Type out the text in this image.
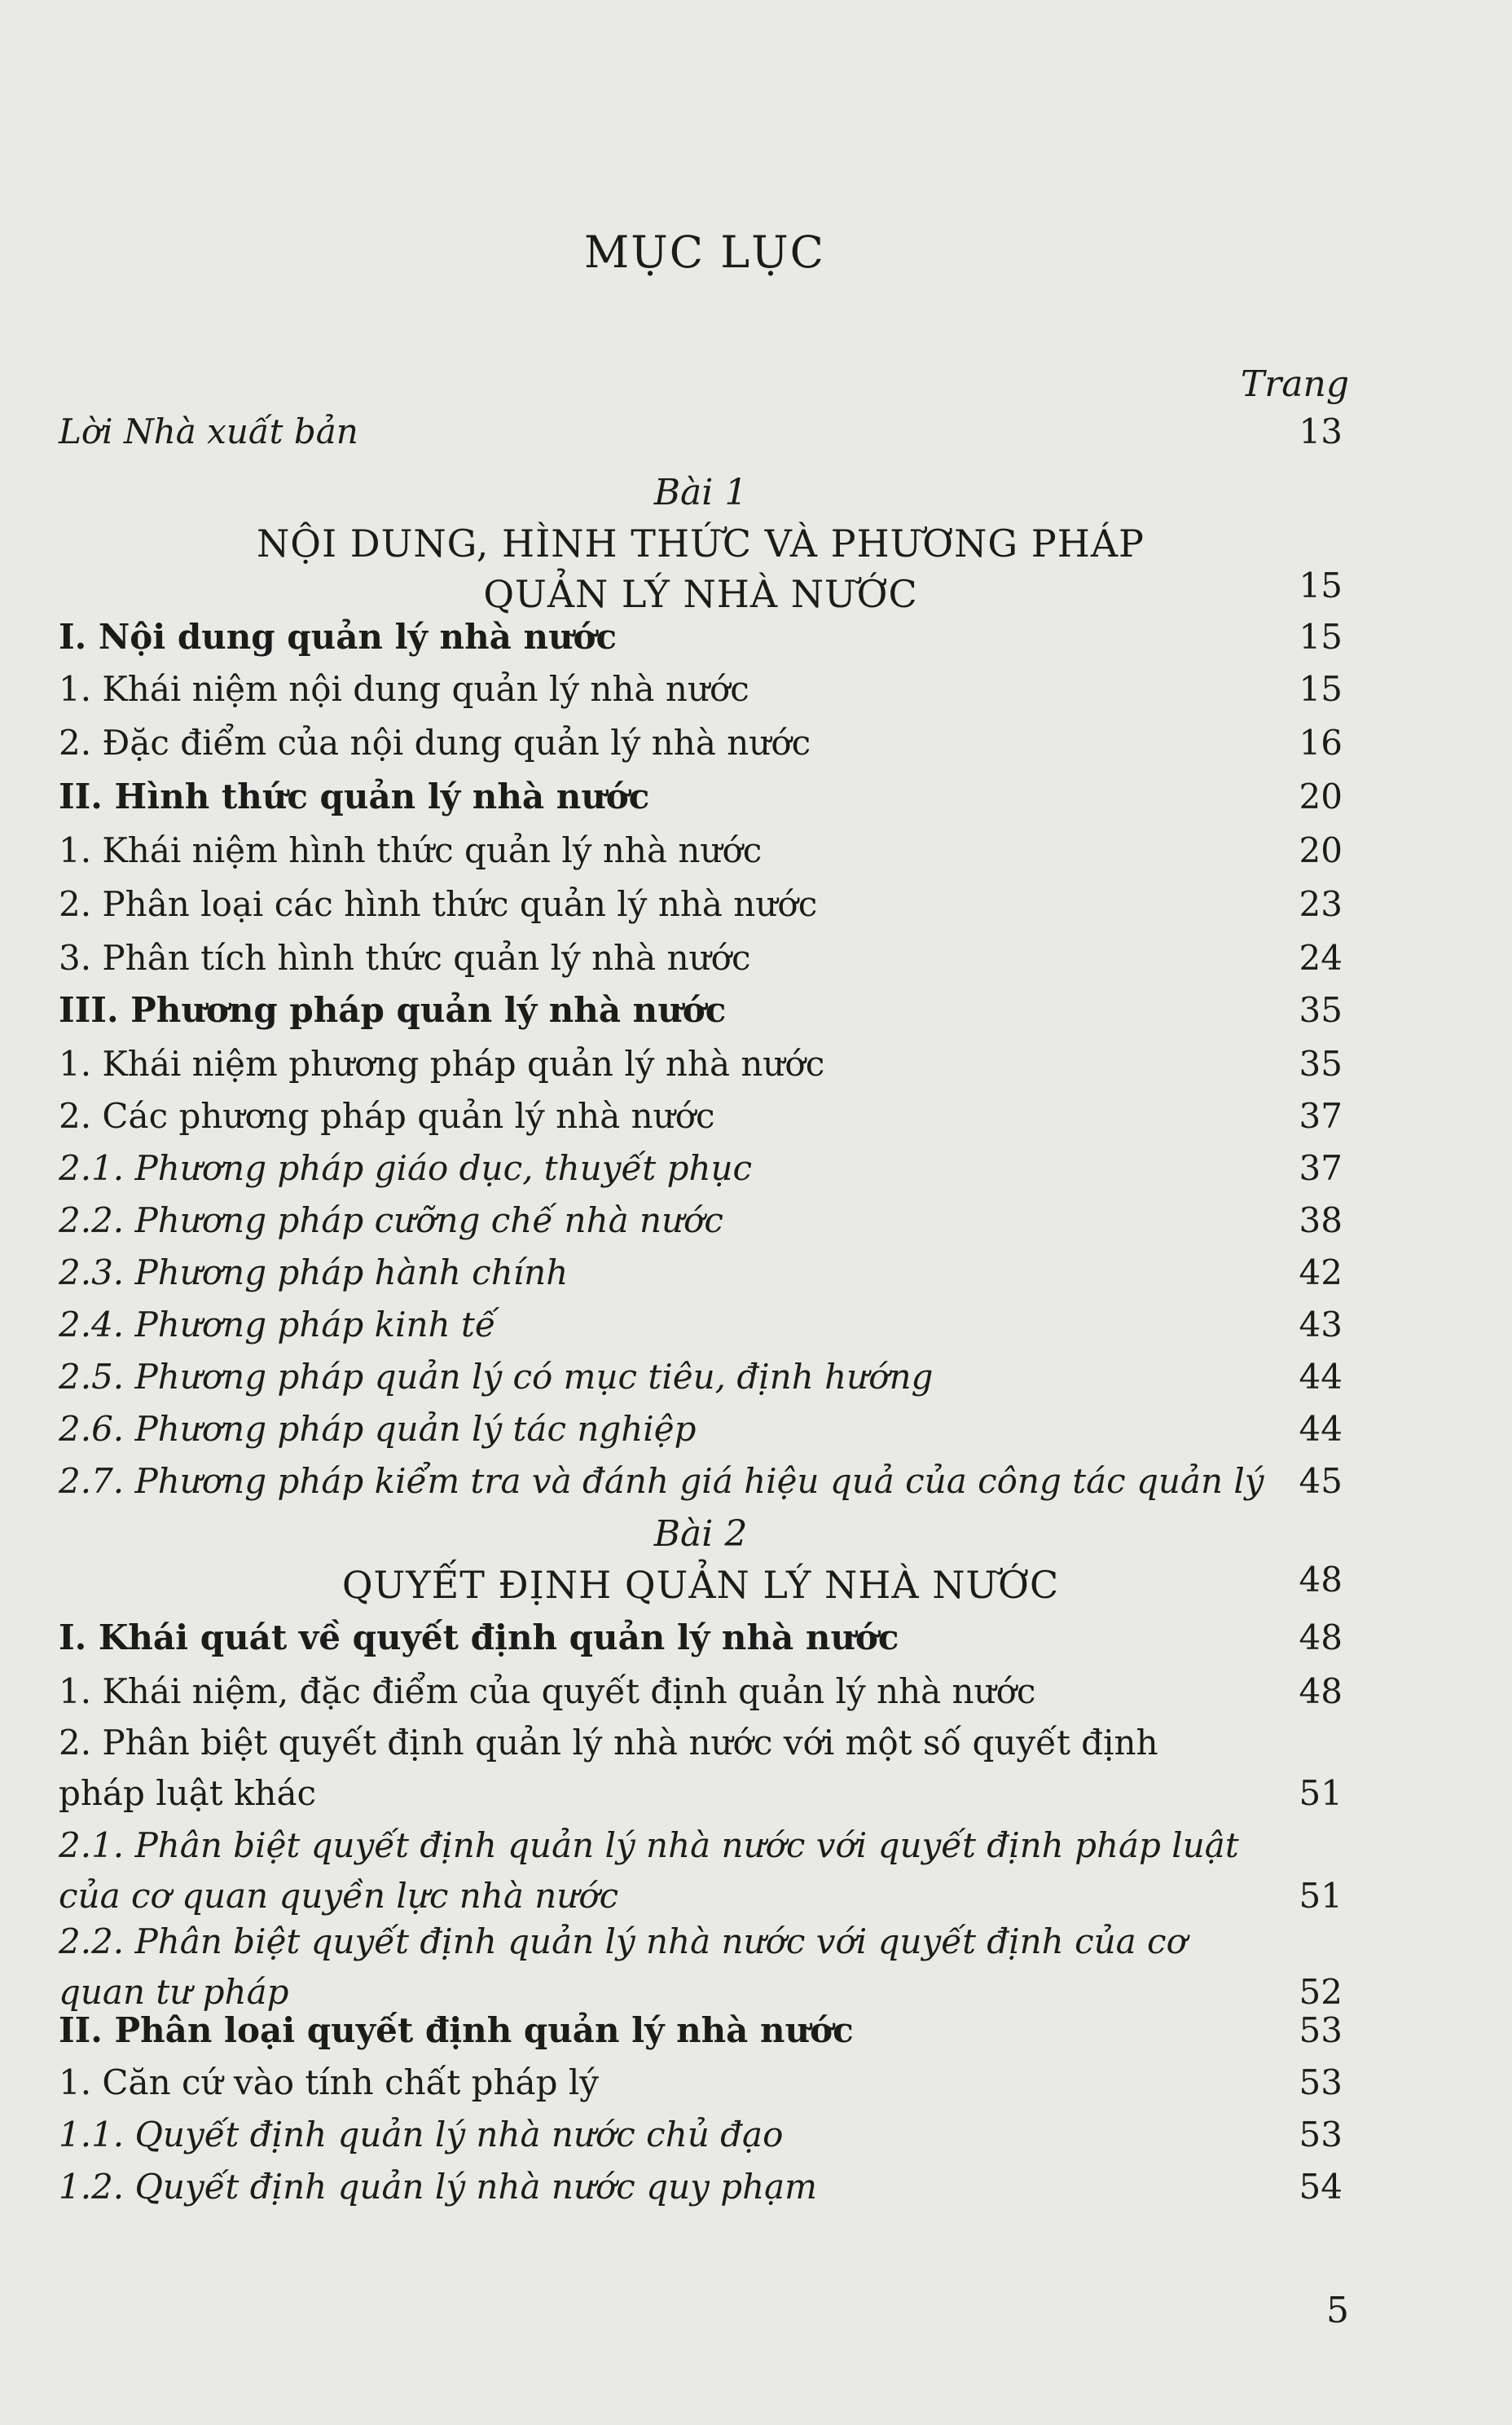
MỤC LỤC
Trang
Lời Nhà xuất bản	13
Bài 1
NỘI DUNG, HÌNH THỨC VÀ PHƯƠNG PHÁP
QUẢN LÝ NHÀ NƯỚC	15
I. Nội dung quản lý nhà nước	15
1. Khái niệm nội dung quản lý nhà nước	15
2. Đặc điểm của nội dung quản lý nhà nước	16
II. Hình thức quản lý nhà nước	20
1. Khái niệm hình thức quản lý nhà nước	20
2. Phân loại các hình thức quản lý nhà nước	23
3. Phân tích hình thức quản lý nhà nước	24
III. Phương pháp quản lý nhà nước	35
1. Khái niệm phương pháp quản lý nhà nước	35
2. Các phương pháp quản lý nhà nước	37
2.1. Phương pháp giáo dục, thuyết phục	37
2.2. Phương pháp cưỡng chế nhà nước	38
2.3. Phương pháp hành chính	42
2.4. Phương pháp kinh tế	43
2.5. Phương pháp quản lý có mục tiêu, định hướng	44
2.6. Phương pháp quản lý tác nghiệp	44
2.7. Phương pháp kiểm tra và đánh giá hiệu quả của công tác quản lý 45
Bài 2
QUYẾT ĐỊNH QUẢN LÝ NHÀ NƯỚC	48
I. Khái quát về quyết định quản lý nhà nước	48
1. Khái niệm, đặc điểm của quyết định quản lý nhà nước	48
2. Phân biệt quyết định quản lý nhà nước với một số quyết định pháp luật khác	51
2.1. Phân biệt quyết định quản lý nhà nước với quyết định pháp luật của cơ quan quyền lực nhà nước	51
2.2. Phân biệt quyết định quản lý nhà nước với quyết định của cơ quan tư pháp	52
II. Phân loại quyết định quản lý nhà nước	53
1. Căn cứ vào tính chất pháp lý	53
1.1. Quyết định quản lý nhà nước chủ đạo	53
1.2. Quyết định quản lý nhà nước quy phạm	54
5
